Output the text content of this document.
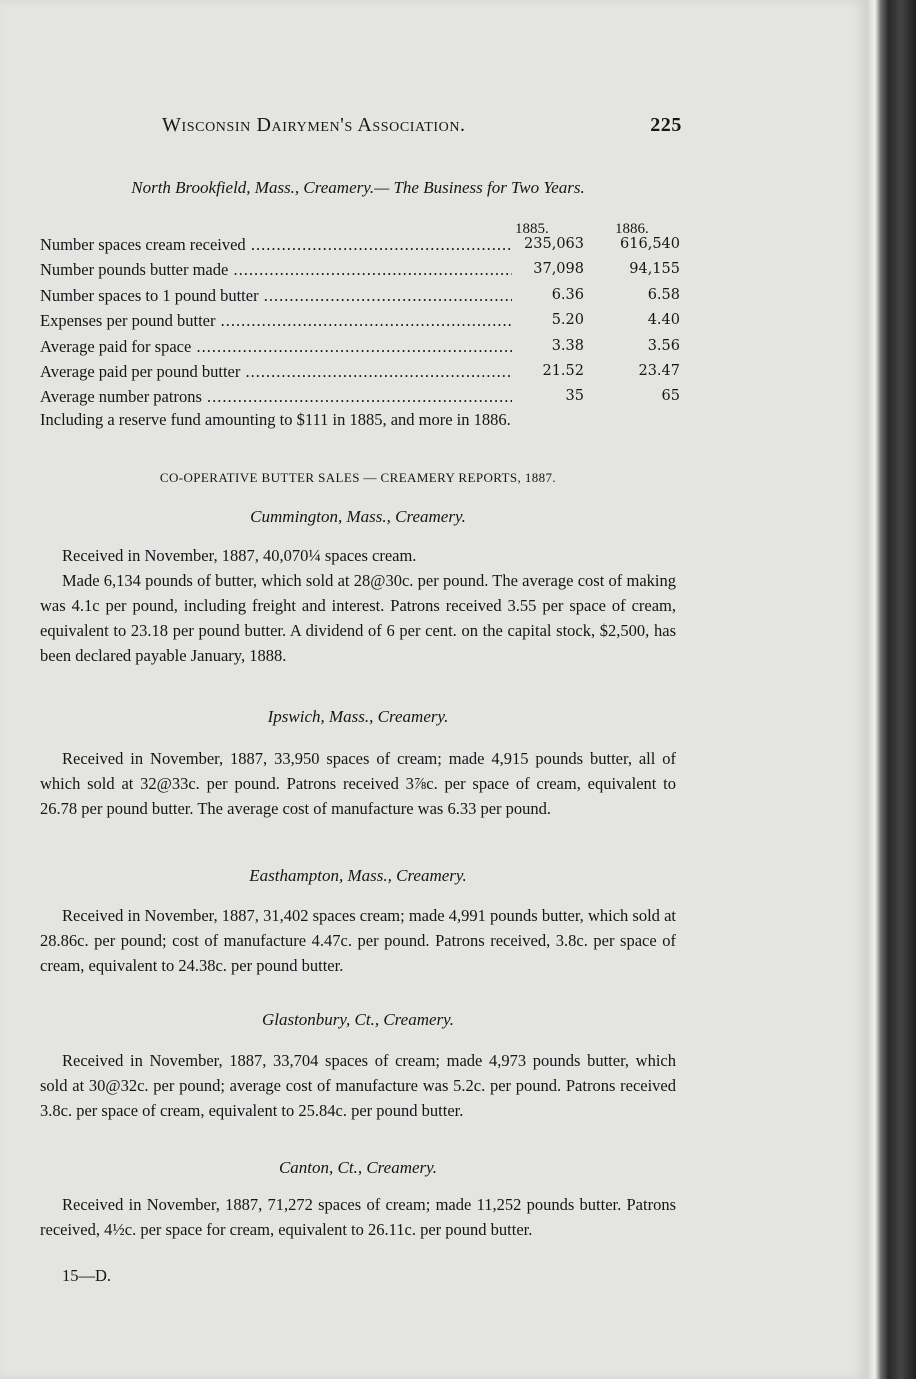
Wisconsin Dairymen's Association.	225
North Brookfield, Mass., Creamery.— The Business for Two Years.
1885.	1886.
Number spaces cream received .....	235,063 616,540
Number pounds butter made .....	37,098	94,155
Number spaces to 1 pound butter .....	6.36	6.58
Expenses per pound butter .....	5.20	4.40
Average paid for space .....	3.38	3.56
Average paid per pound butter .....	21.52	23.47
Average number patrons .....	35	65
Including a reserve fund amounting to $111 in 1885, and more in 1886.
CO-OPERATIVE BUTTER SALES — CREAMERY REPORTS, 1887.
Cummington, Mass., Creamery.

Received in November, 1887, 40,070¼ spaces cream.

Made 6,134 pounds of butter, which sold at 28@30c. per pound. The average cost of making was 4.1c per pound, including freight and interest. Patrons received 3.55 per space of cream, equivalent to 23.18 per pound butter. A dividend of 6 per cent. on the capital stock, $2,500, has been declared payable January, 1888.

Ipswich, Mass., Creamery.

Received in November, 1887, 33,950 spaces of cream; made 4,915 pounds butter, all of which sold at 32@33c. per pound. Patrons received 3⅞c. per space of cream, equivalent to 26.78 per pound butter. The average cost of manufacture was 6.33 per pound.

Easthampton, Mass., Creamery.

Received in November, 1887, 31,402 spaces cream; made 4,991 pounds butter, which sold at 28.86c. per pound; cost of manufacture 4.47c. per pound. Patrons received, 3.8c. per space of cream, equivalent to 24.38c. per pound butter.

Glastonbury, Ct., Creamery.

Received in November, 1887, 33,704 spaces of cream; made 4,973 pounds butter, which sold at 30@32c. per pound; average cost of manufacture was 5.2c. per pound. Patrons received 3.8c. per space of cream, equivalent to 25.84c. per pound butter.

Canton, Ct., Creamery.

Received in November, 1887, 71,272 spaces of cream; made 11,252 pounds butter. Patrons received, 4½c. per space for cream, equivalent to 26.11c. per pound butter.

15—D.
